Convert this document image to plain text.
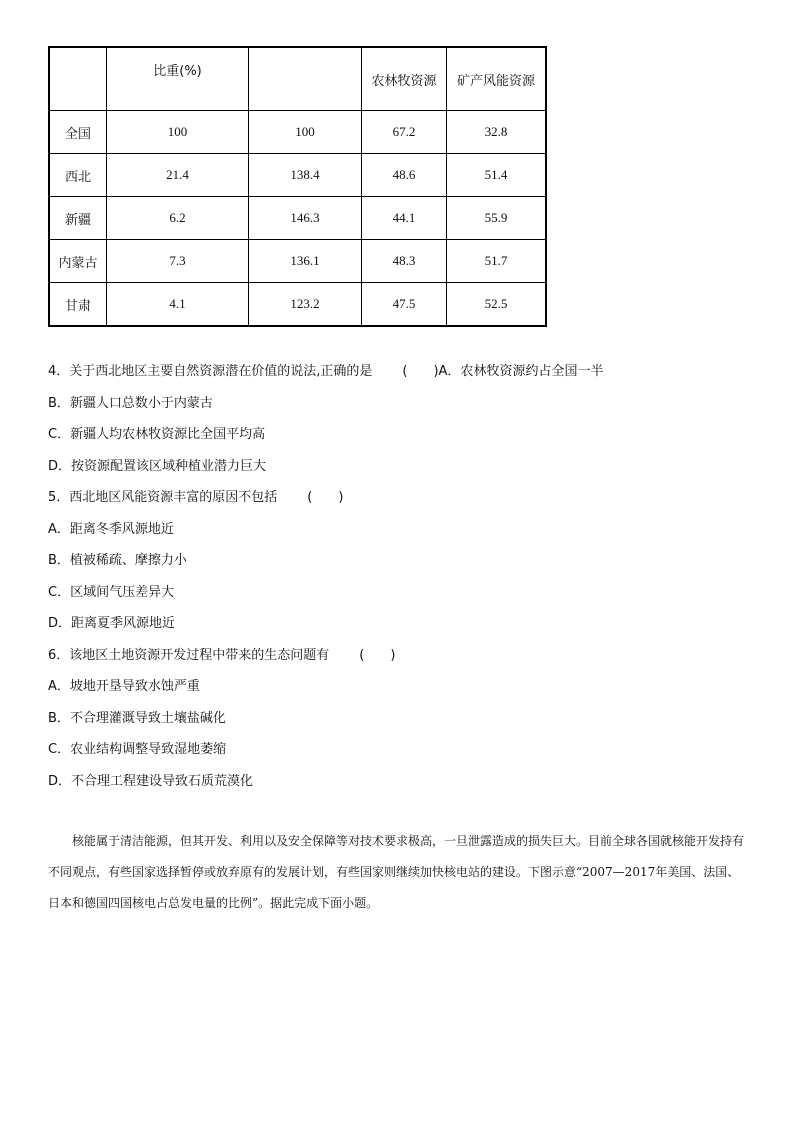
	比重(%)		农林牧资源	矿产风能资源
全国	100	100	67.2	32.8
西北	21.4	138.4	48.6	51.4
新疆	6.2	146.3	44.1	55.9
内蒙古	7.3	136.1	48.3	51.7
甘肃	4.1	123.2	47.5	52.5
4．关于西北地区主要自然资源潜在价值的说法,正确的是 (　　)A．农林牧资源约占全国一半
B．新疆人口总数小于内蒙古
C．新疆人均农林牧资源比全国平均高
D．按资源配置该区域种植业潜力巨大
5．西北地区风能资源丰富的原因不包括 (　　)
A．距离冬季风源地近
B．植被稀疏、摩擦力小
C．区域间气压差异大
D．距离夏季风源地近
6．该地区土地资源开发过程中带来的生态问题有 (　　)
A．坡地开垦导致水蚀严重
B．不合理灌溉导致土壤盐碱化
C．农业结构调整导致湿地萎缩
D．不合理工程建设导致石质荒漠化

核能属于清洁能源，但其开发、利用以及安全保障等对技术要求极高，一旦泄露造成的损失巨大。目前全球各国就核能开发持有不同观点，有些国家选择暂停或放弃原有的发展计划，有些国家则继续加快核电站的建设。下图示意“2007—2017年美国、法国、日本和德国四国核电占总发电量的比例”。据此完成下面小题。
